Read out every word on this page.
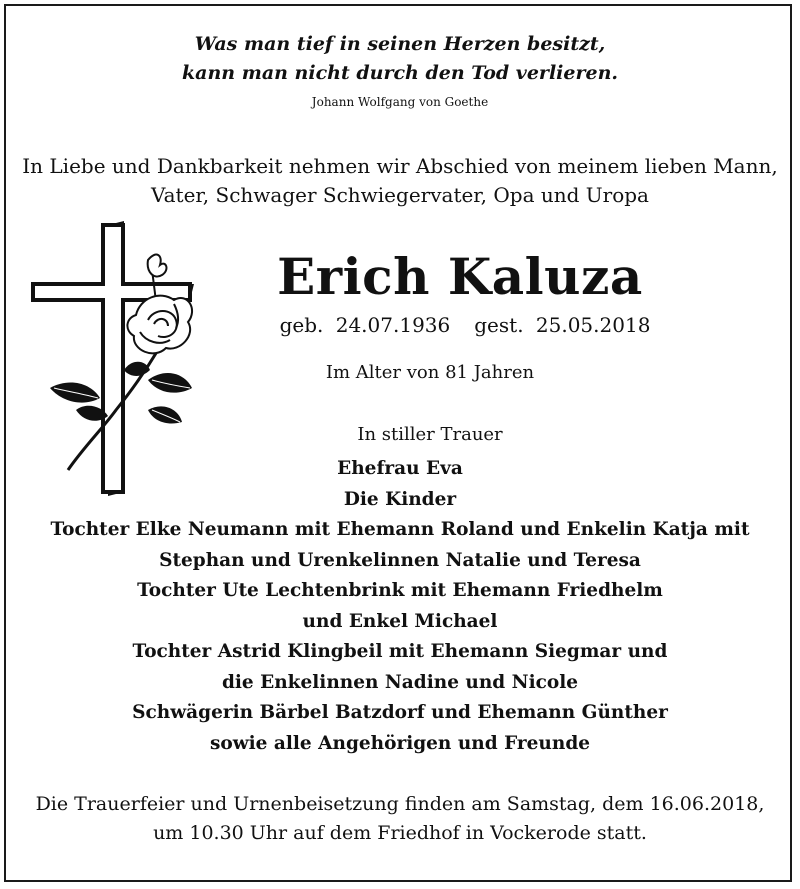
Was man tief in seinen Herzen besitzt,
kann man nicht durch den Tod verlieren.
Johann Wolfgang von Goethe
In Liebe und Dankbarkeit nehmen wir Abschied von meinem lieben Mann,
Vater, Schwager Schwiegervater, Opa und Uropa
Erich Kaluza
geb. 24.07.1936 gest. 25.05.2018
Im Alter von 81 Jahren
In stiller Trauer
Ehefrau Eva
Die Kinder
Tochter Elke Neumann mit Ehemann Roland und Enkelin Katja mit
Stephan und Urenkelinnen Natalie und Teresa
Tochter Ute Lechtenbrink mit Ehemann Friedhelm
und Enkel Michael
Tochter Astrid Klingbeil mit Ehemann Siegmar und
die Enkelinnen Nadine und Nicole
Schwägerin Bärbel Batzdorf und Ehemann Günther
sowie alle Angehörigen und Freunde
Die Trauerfeier und Urnenbeisetzung finden am Samstag, dem 16.06.2018,
um 10.30 Uhr auf dem Friedhof in Vockerode statt.
